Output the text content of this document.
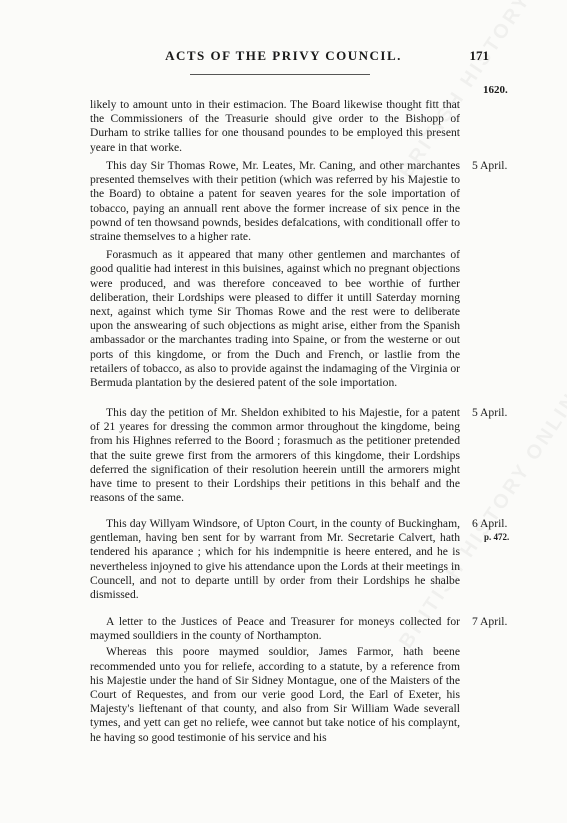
ACTS OF THE PRIVY COUNCIL.	171
1620.

likely to amount unto in their estimacion. The Board likewise thought fitt that the Commissioners of the Treasurie should give order to the Bishopp of Durham to strike tallies for one thousand poundes to be employed this present yeare in that worke.

5 April.

This day Sir Thomas Rowe, Mr. Leates, Mr. Caning, and other marchantes presented themselves with their petition (which was referred by his Majestie to the Board) to obtaine a patent for seaven yeares for the sole importation of tobacco, paying an annuall rent above the former increase of six pence in the pownd of ten thowsand pownds, besides defalcations, with conditionall offer to straine themselves to a higher rate.

Forasmuch as it appeared that many other gentlemen and marchantes of good qualitie had interest in this buisines, against which no pregnant objections were produced, and was therefore conceaved to bee worthie of further deliberation, their Lordships were pleased to differ it untill Saterday morning next, against which tyme Sir Thomas Rowe and the rest were to deliberate upon the answearing of such objections as might arise, either from the Spanish ambassador or the marchantes trading into Spaine, or from the westerne or out ports of this kingdome, or from the Duch and French, or lastlie from the retailers of tobacco, as also to provide against the indamaging of the Virginia or Bermuda plantation by the desiered patent of the sole importation.

5 April.

This day the petition of Mr. Sheldon exhibited to his Majestie, for a patent of 21 yeares for dressing the common armor throughout the kingdome, being from his Highnes referred to the Boord ; forasmuch as the petitioner pretended that the suite grewe first from the armorers of this kingdome, their Lordships deferred the signification of their resolution heerein untill the armorers might have time to present to their Lordships their petitions in this behalf and the reasons of the same.

6 April.
p. 472.

This day Willyam Windsore, of Upton Court, in the county of Buckingham, gentleman, having ben sent for by warrant from Mr. Secretarie Calvert, hath tendered his aparance ; which for his indempnitie is heere entered, and he is nevertheless injoyned to give his attendance upon the Lords at their meetings in Councell, and not to departe untill by order from their Lordships he shalbe dismissed.

7 April.

A letter to the Justices of Peace and Treasurer for moneys collected for maymed soulldiers in the county of Northampton.

Whereas this poore maymed souldior, James Farmor, hath beene recommended unto you for reliefe, according to a statute, by a reference from his Majestie under the hand of Sir Sidney Montague, one of the Maisters of the Court of Requestes, and from our verie good Lord, the Earl of Exeter, his Majesty's lieftenant of that county, and also from Sir William Wade severall tymes, and yett can get no reliefe, wee cannot but take notice of his complaynt, he having so good testimonie of his service and his
